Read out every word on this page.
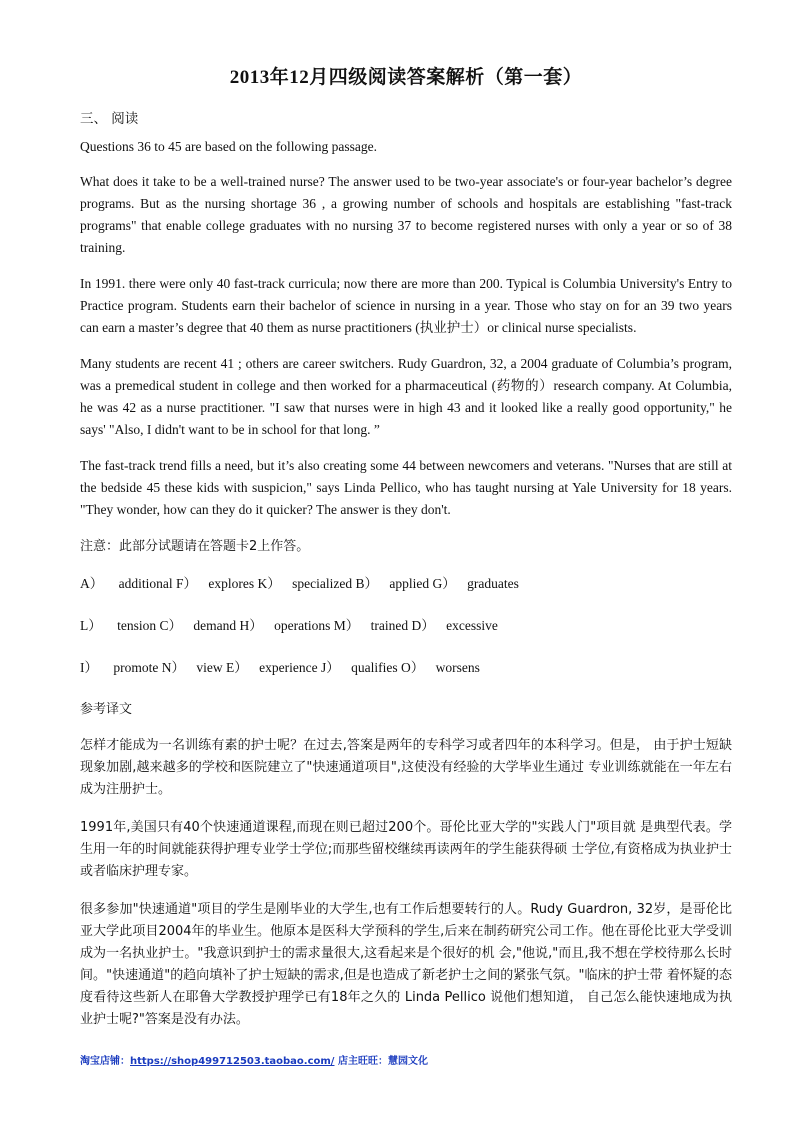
2013年12月四级阅读答案解析（第一套）
三、 阅读
Questions 36 to 45 are based on the following passage.

What does it take to be a well-trained nurse? The answer used to be two-year associate's or four-year bachelor’s degree programs. But as the nursing shortage 36 , a growing number of schools and hospitals are establishing "fast-track programs" that enable college graduates with no nursing 37 to become registered nurses with only a year or so of 38 training.

In 1991. there were only 40 fast-track curricula; now there are more than 200. Typical is Columbia University's Entry to Practice program. Students earn their bachelor of science in nursing in a year. Those who stay on for an 39 two years can earn a master’s degree that 40 them as nurse practitioners (执业护士）or clinical nurse specialists.

Many students are recent 41 ; others are career switchers. Rudy Guardron, 32, a 2004 graduate of Columbia’s program, was a premedical student in college and then worked for a pharmaceutical (药物的）research company. At Columbia, he was 42 as a nurse practitioner. "I saw that nurses were in high 43 and it looked like a really good opportunity," he says' "Also, I didn't want to be in school for that long. ”

The fast-track trend fills a need, but it’s also creating some 44 between newcomers and veterans. "Nurses that are still at the bedside 45 these kids with suspicion," says Linda Pellico, who has taught nursing at Yale University for 18 years. "They wonder, how can they do it quicker? The answer is they don't.

注意：此部分试题请在答题卡2上作答。
A） additional F） explores K） specialized B） applied G） graduates
L） tension C） demand H） operations M） trained D） excessive
I） promote N） view E） experience J） qualifies O） worsens
参考译文

怎样才能成为一名训练有素的护士呢？在过去,答案是两年的专科学习或者四年的本科学习。但是， 由于护士短缺现象加剧,越来越多的学校和医院建立了"快速通道项目",这使没有经验的大学毕业生通过 专业训练就能在一年左右成为注册护士。

1991年,美国只有40个快速通道课程,而现在则已超过200个。哥伦比亚大学的"实践人门"项目就 是典型代表。学生用一年的时间就能获得护理专业学士学位;而那些留校继续再读两年的学生能获得硕 士学位,有资格成为执业护士或者临床护理专家。

很多参加"快速通道"项目的学生是刚毕业的大学生,也有工作后想要转行的人。Rudy Guardron, 32岁，是哥伦比亚大学此项目2004年的毕业生。他原本是医科大学预科的学生,后来在制药研究公司工作。他在哥伦比亚大学受训成为一名执业护士。"我意识到护士的需求量很大,这看起来是个很好的机 会,"他说,"而且,我不想在学校待那么长时间。"快速通道"的趋向填补了护士短缺的需求,但是也造成了新老护士之间的紧张气氛。"临床的护士带 着怀疑的态度看待这些新人在耶鲁大学教授护理学已有18年之久的 Linda Pellico 说他们想知道， 自己怎么能快速地成为执业护士呢?"答案是没有办法。

淘宝店铺：https://shop499712503.taobao.com/ 店主旺旺：慧园文化
